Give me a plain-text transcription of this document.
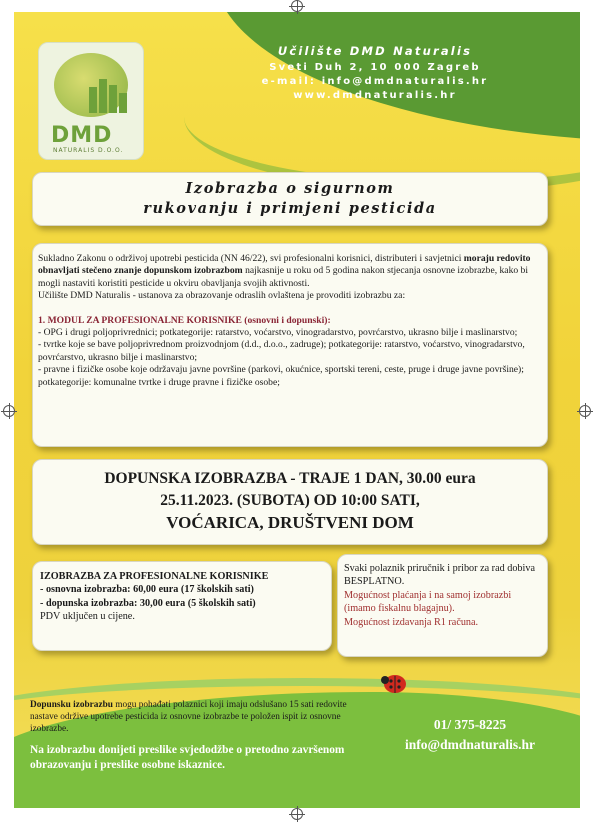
DMD
NATURALIS D.O.O.
Učilište DMD Naturalis
Sveti Duh 2, 10 000 Zagreb
e-mail: info@dmdnaturalis.hr
www.dmdnaturalis.hr
Izobrazba o sigurnom
rukovanju i primjeni pesticida

Sukladno Zakonu o održivoj upotrebi pesticida (NN 46/22), svi profesionalni korisnici, distributeri i savjetnici moraju redovito obnavljati stečeno znanje dopunskom izobrazbom najkasnije u roku od 5 godina nakon stjecanja osnovne izobrazbe, kako bi mogli nastaviti koristiti pesticide u okviru obavljanja svojih aktivnosti.

Učilište DMD Naturalis - ustanova za obrazovanje odraslih ovlaštena je provoditi izobrazbu za:

1. MODUL ZA PROFESIONALNE KORISNIKE (osnovni i dopunski):

- OPG i drugi poljoprivrednici; potkategorije: ratarstvo, voćarstvo, vinogradarstvo, povrćarstvo, ukrasno bilje i maslinarstvo;

- tvrtke koje se bave poljoprivrednom proizvodnjom (d.d., d.o.o., zadruge); potkategorije: ratarstvo, voćarstvo, vinogradarstvo, povrćarstvo, ukrasno bilje i maslinarstvo;

- pravne i fizičke osobe koje održavaju javne površine (parkovi, okućnice, sportski tereni, ceste, pruge i druge javne površine); potkategorije: komunalne tvrtke i druge pravne i fizičke osobe;

DOPUNSKA IZOBRAZBA - TRAJE 1 DAN, 30.00 eura
25.11.2023. (SUBOTA) OD 10:00 SATI,
VOĆARICA, DRUŠTVENI DOM
IZOBRAZBA ZA PROFESIONALNE KORISNIKE
- osnovna izobrazba: 60,00 eura (17 školskih sati)
- dopunska izobrazba: 30,00 eura (5 školskih sati)
PDV uključen u cijene.
Svaki polaznik priručnik i pribor za rad dobiva BESPLATNO.
Mogućnost plaćanja i na samoj izobrazbi (imamo fiskalnu blagajnu).
Mogućnost izdavanja R1 računa.
Dopunsku izobrazbu mogu pohađati polaznici koji imaju odslušano 15 sati redovite nastave održive upotrebe pesticida iz osnovne izobrazbe te položen ispit iz osnovne izobrazbe.
Na izobrazbu donijeti preslike svjedodžbe o pretodno završenom obrazovanju i preslike osobne iskaznice.
01/ 375-8225
info@dmdnaturalis.hr
